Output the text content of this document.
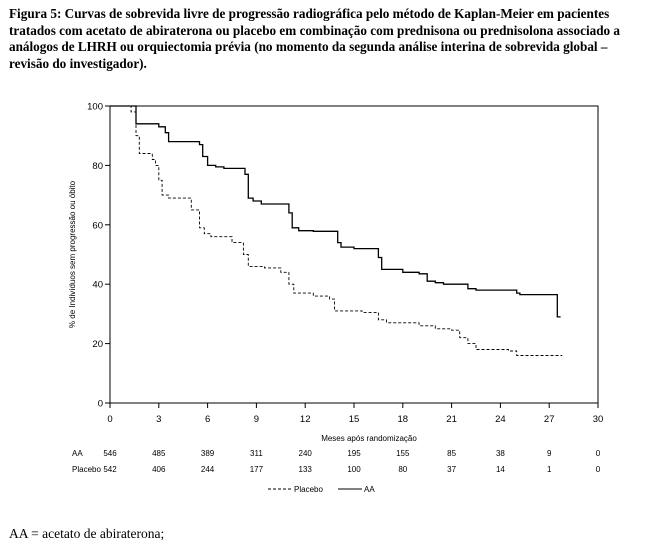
Figura 5: Curvas de sobrevida livre de progressão radiográfica pelo método de Kaplan-Meier em pacientes tratados com acetato de abiraterona ou placebo em combinação com prednisona ou prednisolona associado a análogos de LHRH ou orquiectomia prévia (no momento da segunda análise interina de sobrevida global – revisão do investigador).

0
20
40
60
80
100
0	3	6	9	12	15	18	21	24	27	30
Meses após randomização
% de Indivíduos sem progressão ou óbito
AA	546	485	389	311	240	195	155	85	38	9	0
Placebo 542	406	244	177	133	100	80	37	14	1	0
Placebo	AA
AA = acetato de abiraterona;
